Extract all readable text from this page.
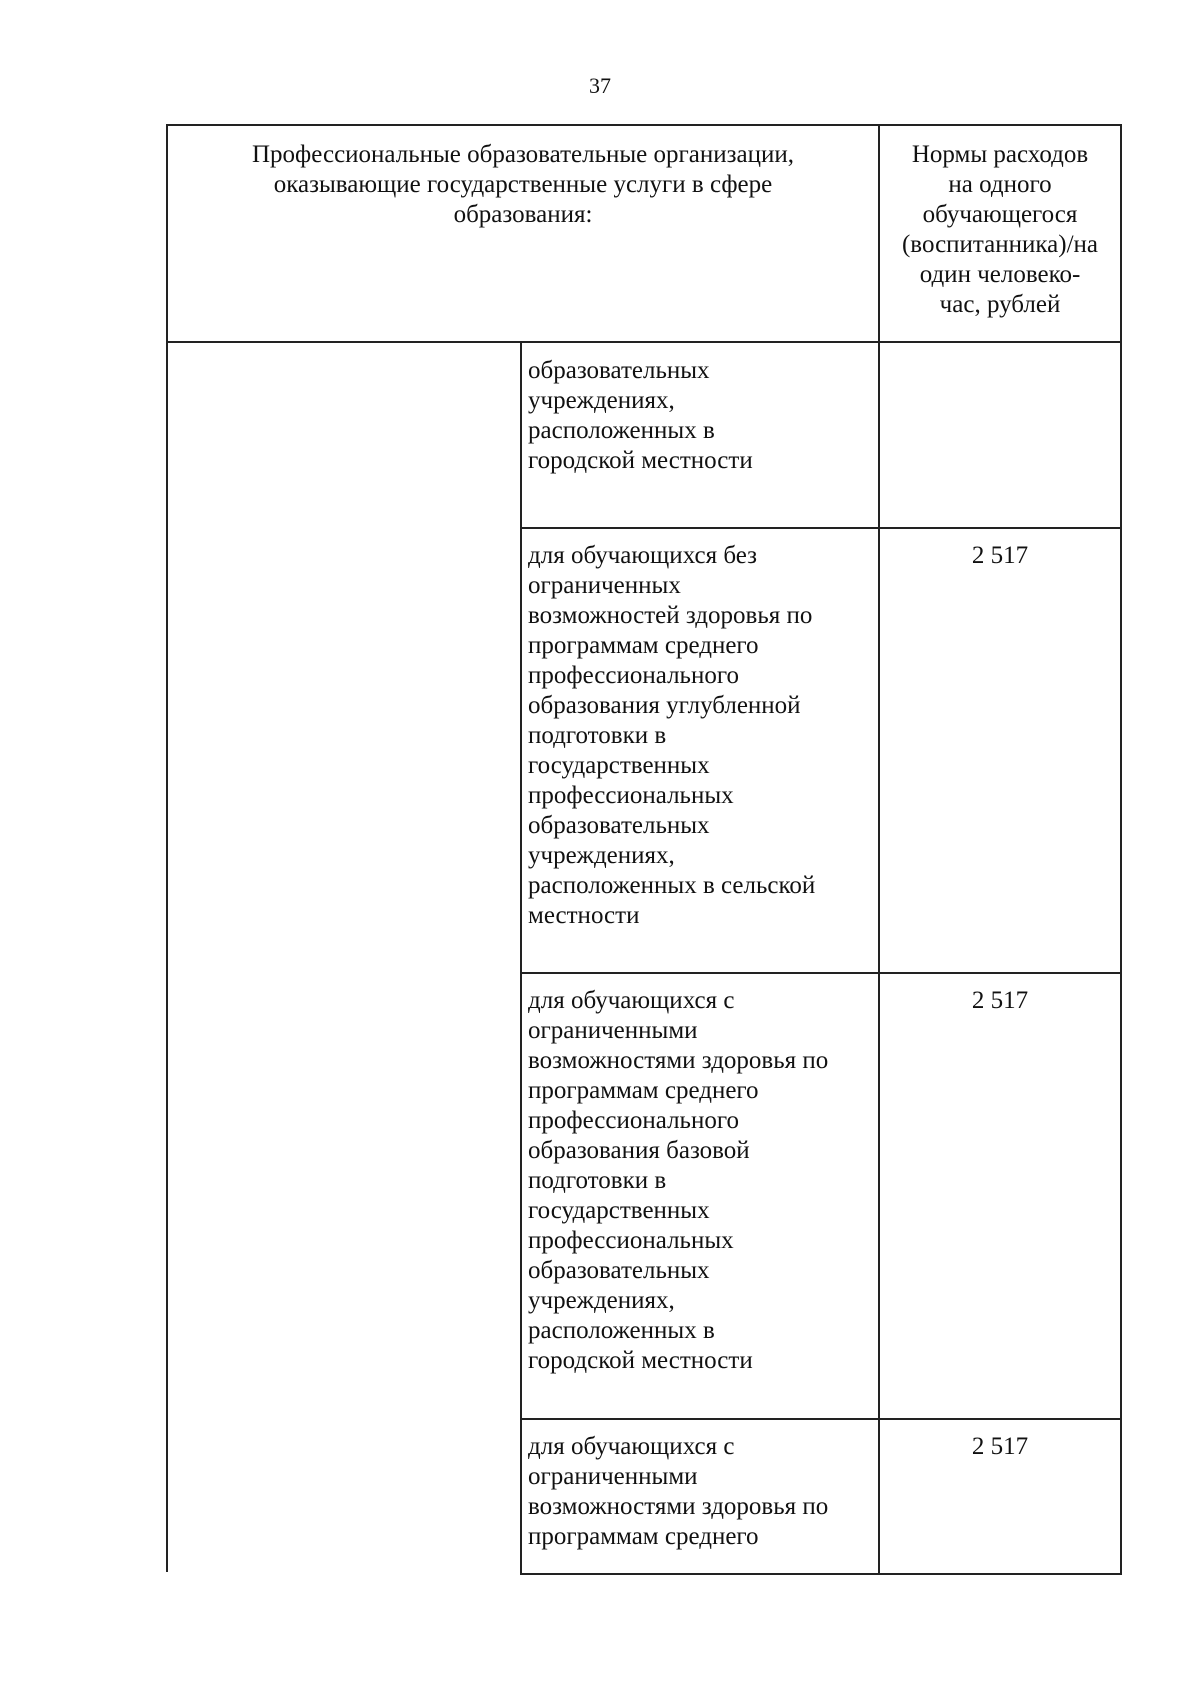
37
Профессиональные образовательные организации,
оказывающие государственные услуги в сфере
образования:
Нормы расходов
на одного
обучающегося
(воспитанника)/на
один человеко-
час, рублей
образовательных
учреждениях,
расположенных в
городской местности
для обучающихся без
ограниченных
возможностей здоровья по
программам среднего
профессионального
образования углубленной
подготовки в
государственных
профессиональных
образовательных
учреждениях,
расположенных в сельской
местности
2 517
для обучающихся с
ограниченными
возможностями здоровья по
программам среднего
профессионального
образования базовой
подготовки в
государственных
профессиональных
образовательных
учреждениях,
расположенных в
городской местности
2 517
для обучающихся с
ограниченными
возможностями здоровья по
программам среднего
2 517
